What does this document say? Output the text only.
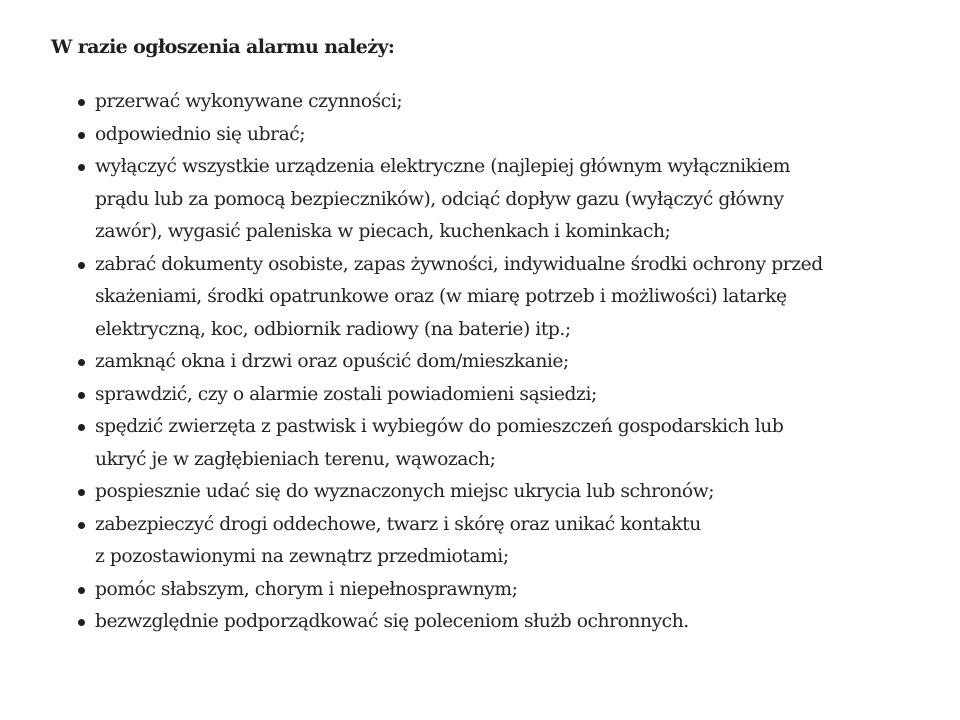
W razie ogłoszenia alarmu należy:
przerwać wykonywane czynności;
odpowiednio się ubrać;
wyłączyć wszystkie urządzenia elektryczne (najlepiej głównym wyłącznikiem
prądu lub za pomocą bezpieczników), odciąć dopływ gazu (wyłączyć główny
zawór), wygasić paleniska w piecach, kuchenkach i kominkach;
zabrać dokumenty osobiste, zapas żywności, indywidualne środki ochrony przed
skażeniami, środki opatrunkowe oraz (w miarę potrzeb i możliwości) latarkę
elektryczną, koc, odbiornik radiowy (na baterie) itp.;
zamknąć okna i drzwi oraz opuścić dom/mieszkanie;
sprawdzić, czy o alarmie zostali powiadomieni sąsiedzi;
spędzić zwierzęta z pastwisk i wybiegów do pomieszczeń gospodarskich lub
ukryć je w zagłębieniach terenu, wąwozach;
pospiesznie udać się do wyznaczonych miejsc ukrycia lub schronów;
zabezpieczyć drogi oddechowe, twarz i skórę oraz unikać kontaktu
z pozostawionymi na zewnątrz przedmiotami;
pomóc słabszym, chorym i niepełnosprawnym;
bezwzględnie podporządkować się poleceniom służb ochronnych.
